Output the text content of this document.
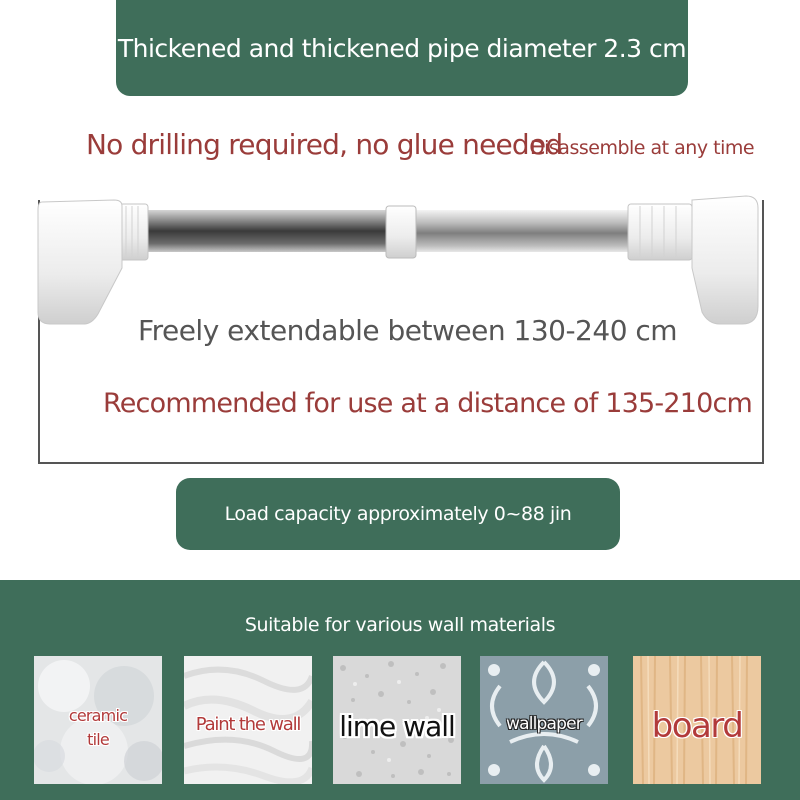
Thickened and thickened pipe diameter 2.3 cm
No drilling required, no glue needed
Disassemble at any time
Freely extendable between 130-240 cm
Recommended for use at a distance of 135-210cm
Load capacity approximately 0~88 jin
Suitable for various wall materials
ceramic
tile
Paint the wall	lime wall	wallpaper	board
